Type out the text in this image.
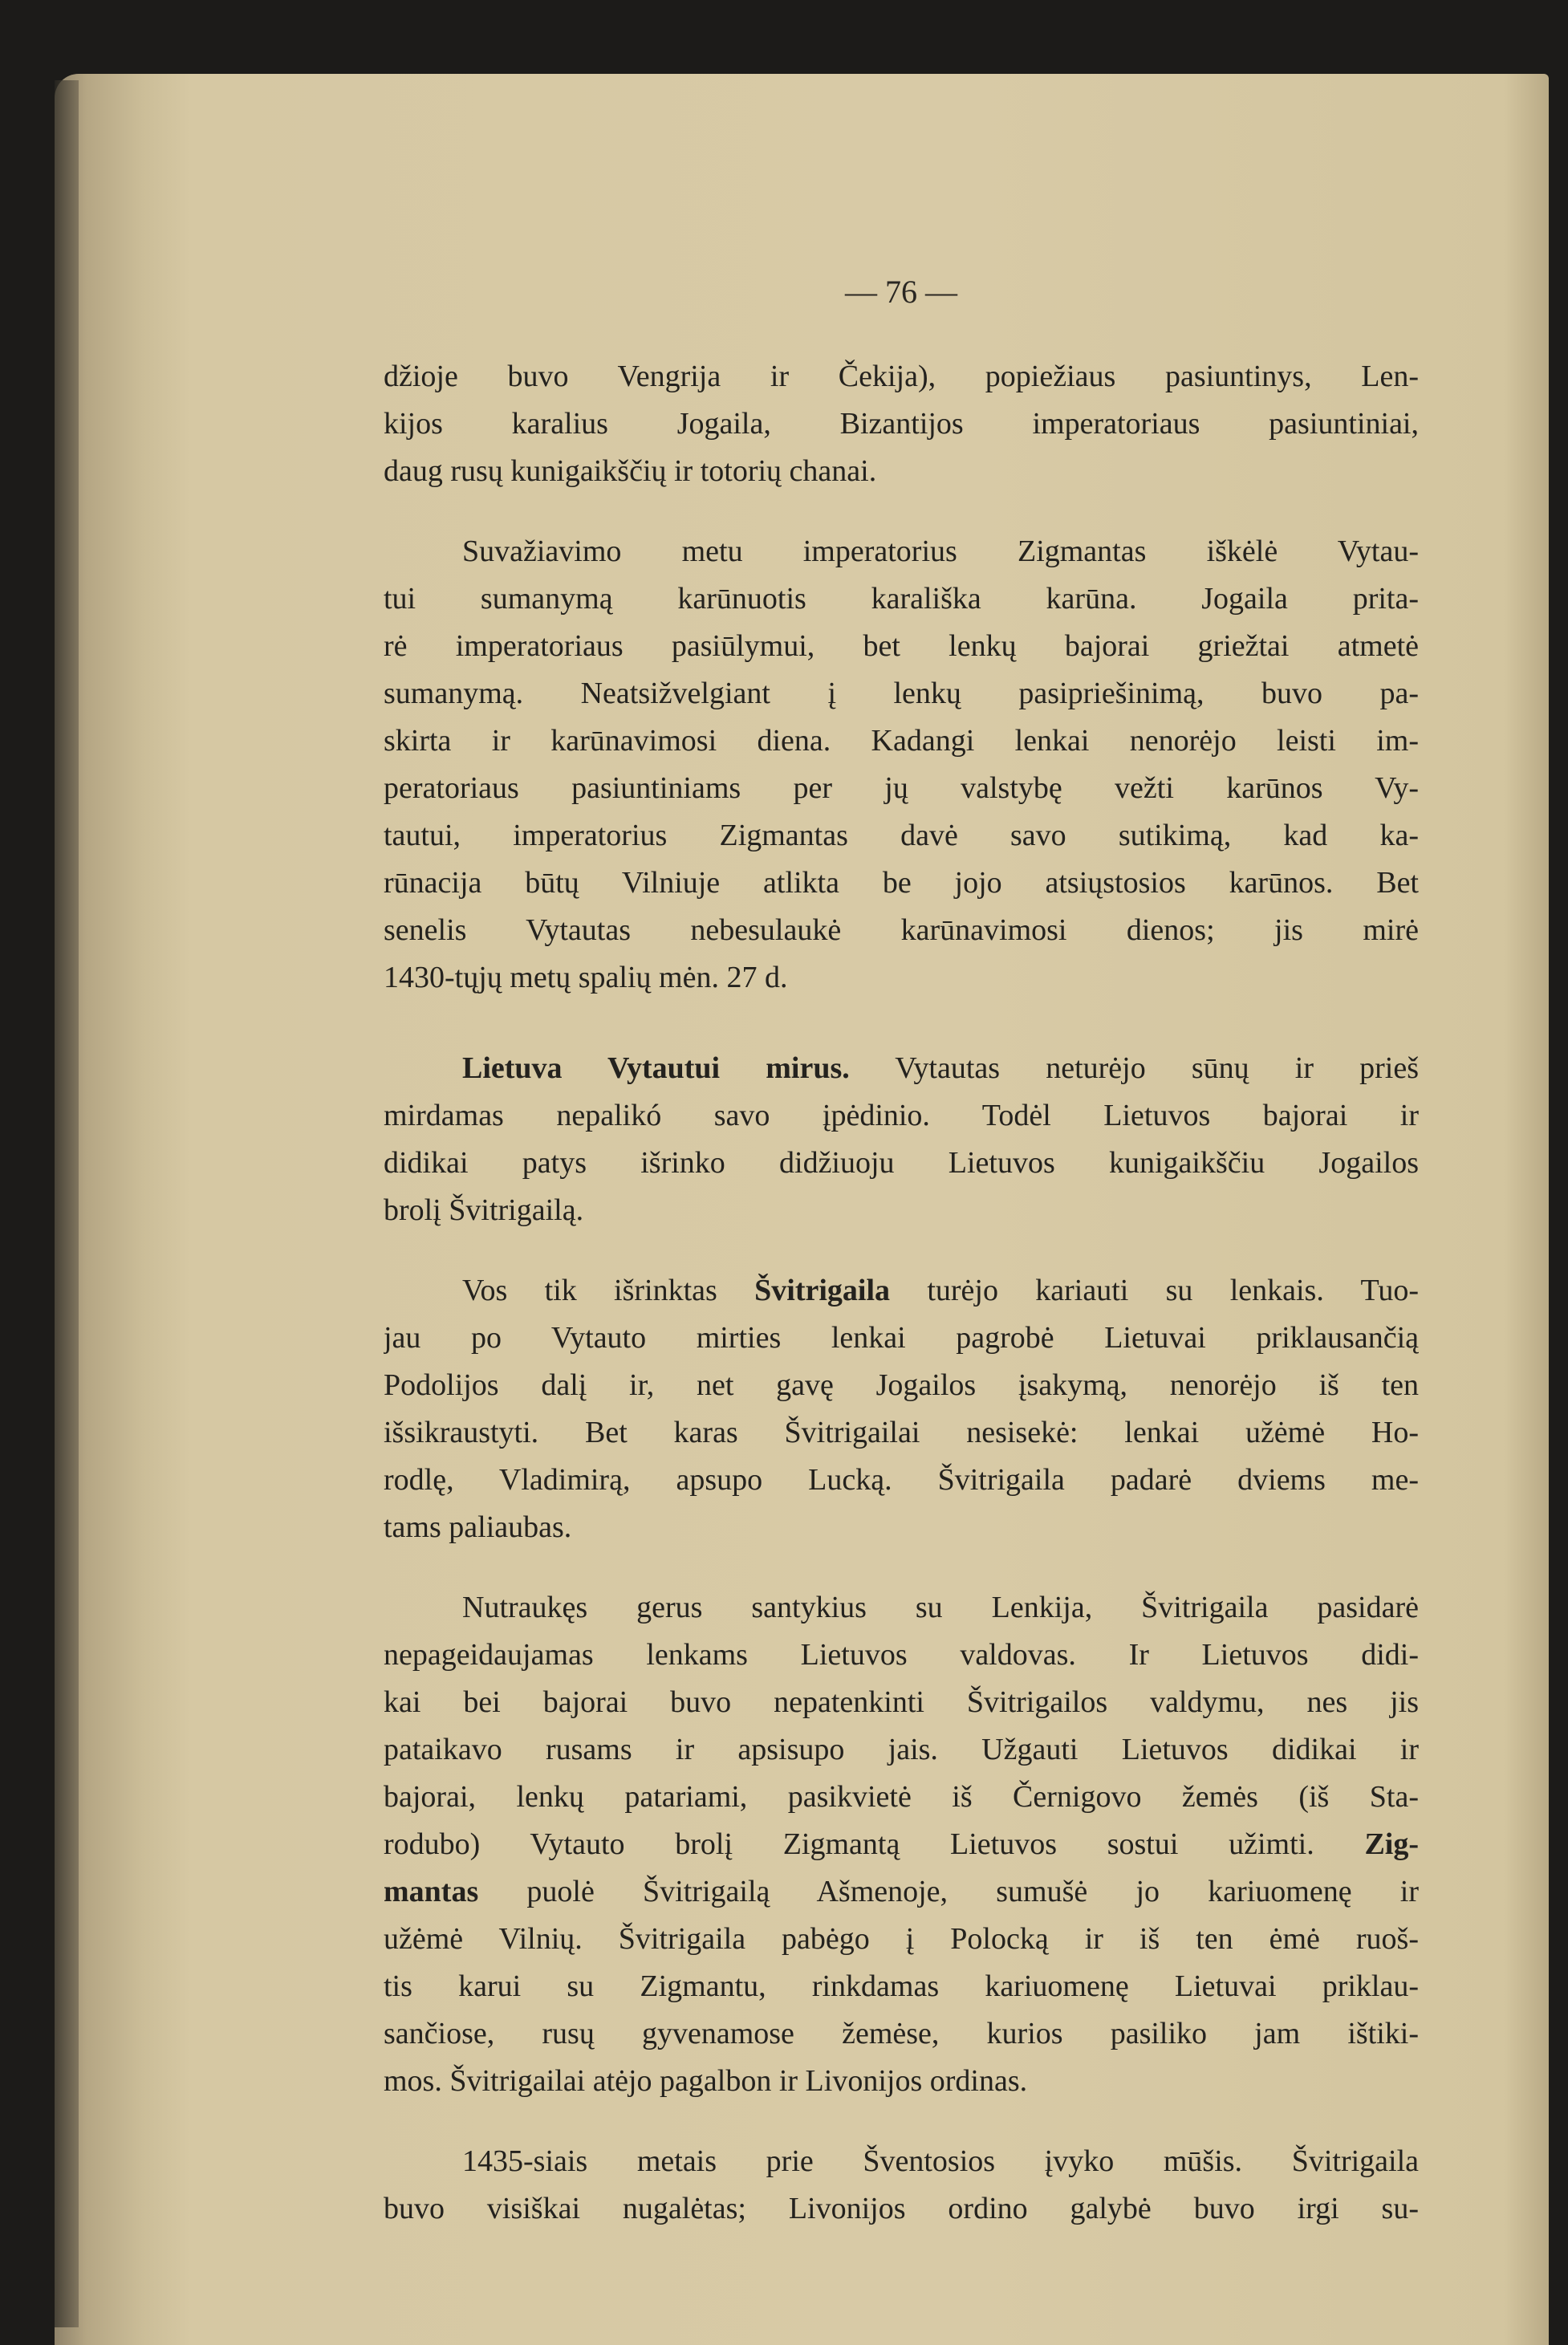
— 76 —
džioje buvo Vengrija ir Čekija), popiežiaus pasiuntinys, Len-
kijos karalius Jogaila, Bizantijos imperatoriaus pasiuntiniai,
daug rusų kunigaikščių ir totorių chanai.
Suvažiavimo metu imperatorius Zigmantas iškėlė Vytau-
tui sumanymą karūnuotis karališka karūna. Jogaila prita-
rė imperatoriaus pasiūlymui, bet lenkų bajorai griežtai atmetė
sumanymą. Neatsižvelgiant į lenkų pasipriešinimą, buvo pa-
skirta ir karūnavimosi diena. Kadangi lenkai nenorėjo leisti im-
peratoriaus pasiuntiniams per jų valstybę vežti karūnos Vy-
tautui, imperatorius Zigmantas davė savo sutikimą, kad ka-
rūnacija būtų Vilniuje atlikta be jojo atsiųstosios karūnos. Bet
senelis Vytautas nebesulaukė karūnavimosi dienos; jis mirė
1430-tųjų metų spalių mėn. 27 d.
Lietuva Vytautui mirus. Vytautas neturėjo sūnų ir prieš
mirdamas nepalikó savo įpėdinio. Todėl Lietuvos bajorai ir
didikai patys išrinko didžiuoju Lietuvos kunigaikščiu Jogailos
brolį Švitrigailą.
Vos tik išrinktas Švitrigaila turėjo kariauti su lenkais. Tuo-
jau po Vytauto mirties lenkai pagrobė Lietuvai priklausančią
Podolijos dalį ir, net gavę Jogailos įsakymą, nenorėjo iš ten
išsikraustyti. Bet karas Švitrigailai nesisekė: lenkai užėmė Ho-
rodlę, Vladimirą, apsupo Lucką. Švitrigaila padarė dviems me-
tams paliaubas.
Nutraukęs gerus santykius su Lenkija, Švitrigaila pasidarė
nepageidaujamas lenkams Lietuvos valdovas. Ir Lietuvos didi-
kai bei bajorai buvo nepatenkinti Švitrigailos valdymu, nes jis
pataikavo rusams ir apsisupo jais. Užgauti Lietuvos didikai ir
bajorai, lenkų patariami, pasikvietė iš Černigovo žemės (iš Sta-
rodubo) Vytauto brolį Zigmantą Lietuvos sostui užimti. Zig-
mantas puolė Švitrigailą Ašmenoje, sumušė jo kariuomenę ir
užėmė Vilnių. Švitrigaila pabėgo į Polocką ir iš ten ėmė ruoš-
tis karui su Zigmantu, rinkdamas kariuomenę Lietuvai priklau-
sančiose, rusų gyvenamose žemėse, kurios pasiliko jam ištiki-
mos. Švitrigailai atėjo pagalbon ir Livonijos ordinas.
1435-siais metais prie Šventosios įvyko mūšis. Švitrigaila
buvo visiškai nugalėtas; Livonijos ordino galybė buvo irgi su-
